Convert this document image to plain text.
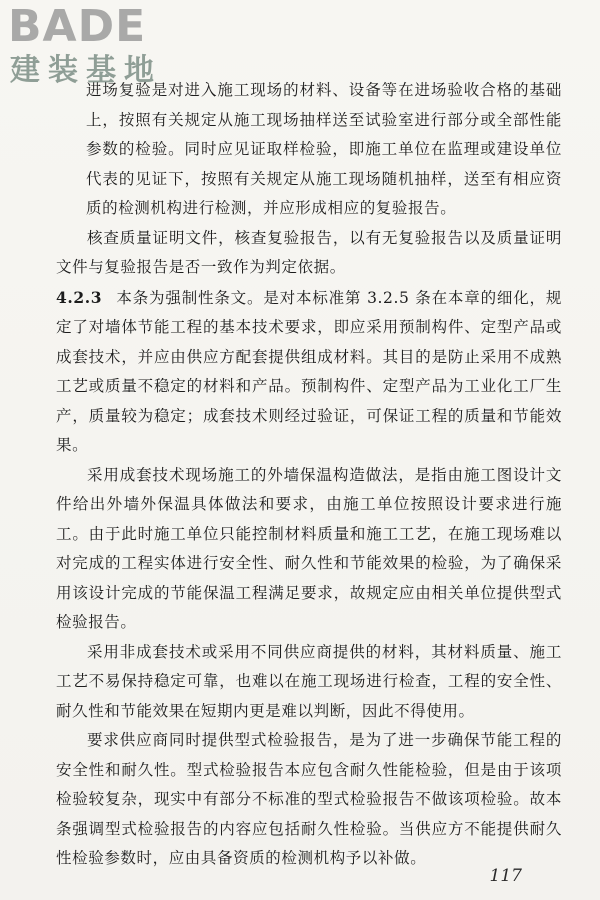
BADE
建装基地

进场复验是对进入施工现场的材料、设备等在进场验收合格的基础上，按照有关规定从施工现场抽样送至试验室进行部分或全部性能参数的检验。同时应见证取样检验，即施工单位在监理或建设单位代表的见证下，按照有关规定从施工现场随机抽样，送至有相应资质的检测机构进行检测，并应形成相应的复验报告。

核查质量证明文件，核查复验报告，以有无复验报告以及质量证明文件与复验报告是否一致作为判定依据。

4.2.3 本条为强制性条文。是对本标准第 3.2.5 条在本章的细化，规定了对墙体节能工程的基本技术要求，即应采用预制构件、定型产品或成套技术，并应由供应方配套提供组成材料。其目的是防止采用不成熟工艺或质量不稳定的材料和产品。预制构件、定型产品为工业化工厂生产，质量较为稳定；成套技术则经过验证，可保证工程的质量和节能效果。

采用成套技术现场施工的外墙保温构造做法，是指由施工图设计文件给出外墙外保温具体做法和要求，由施工单位按照设计要求进行施工。由于此时施工单位只能控制材料质量和施工工艺，在施工现场难以对完成的工程实体进行安全性、耐久性和节能效果的检验，为了确保采用该设计完成的节能保温工程满足要求，故规定应由相关单位提供型式检验报告。

采用非成套技术或采用不同供应商提供的材料，其材料质量、施工工艺不易保持稳定可靠，也难以在施工现场进行检查，工程的安全性、耐久性和节能效果在短期内更是难以判断，因此不得使用。

要求供应商同时提供型式检验报告，是为了进一步确保节能工程的安全性和耐久性。型式检验报告本应包含耐久性能检验，但是由于该项检验较复杂，现实中有部分不标准的型式检验报告不做该项检验。故本条强调型式检验报告的内容应包括耐久性检验。当供应方不能提供耐久性检验参数时，应由具备资质的检测机构予以补做。

117
